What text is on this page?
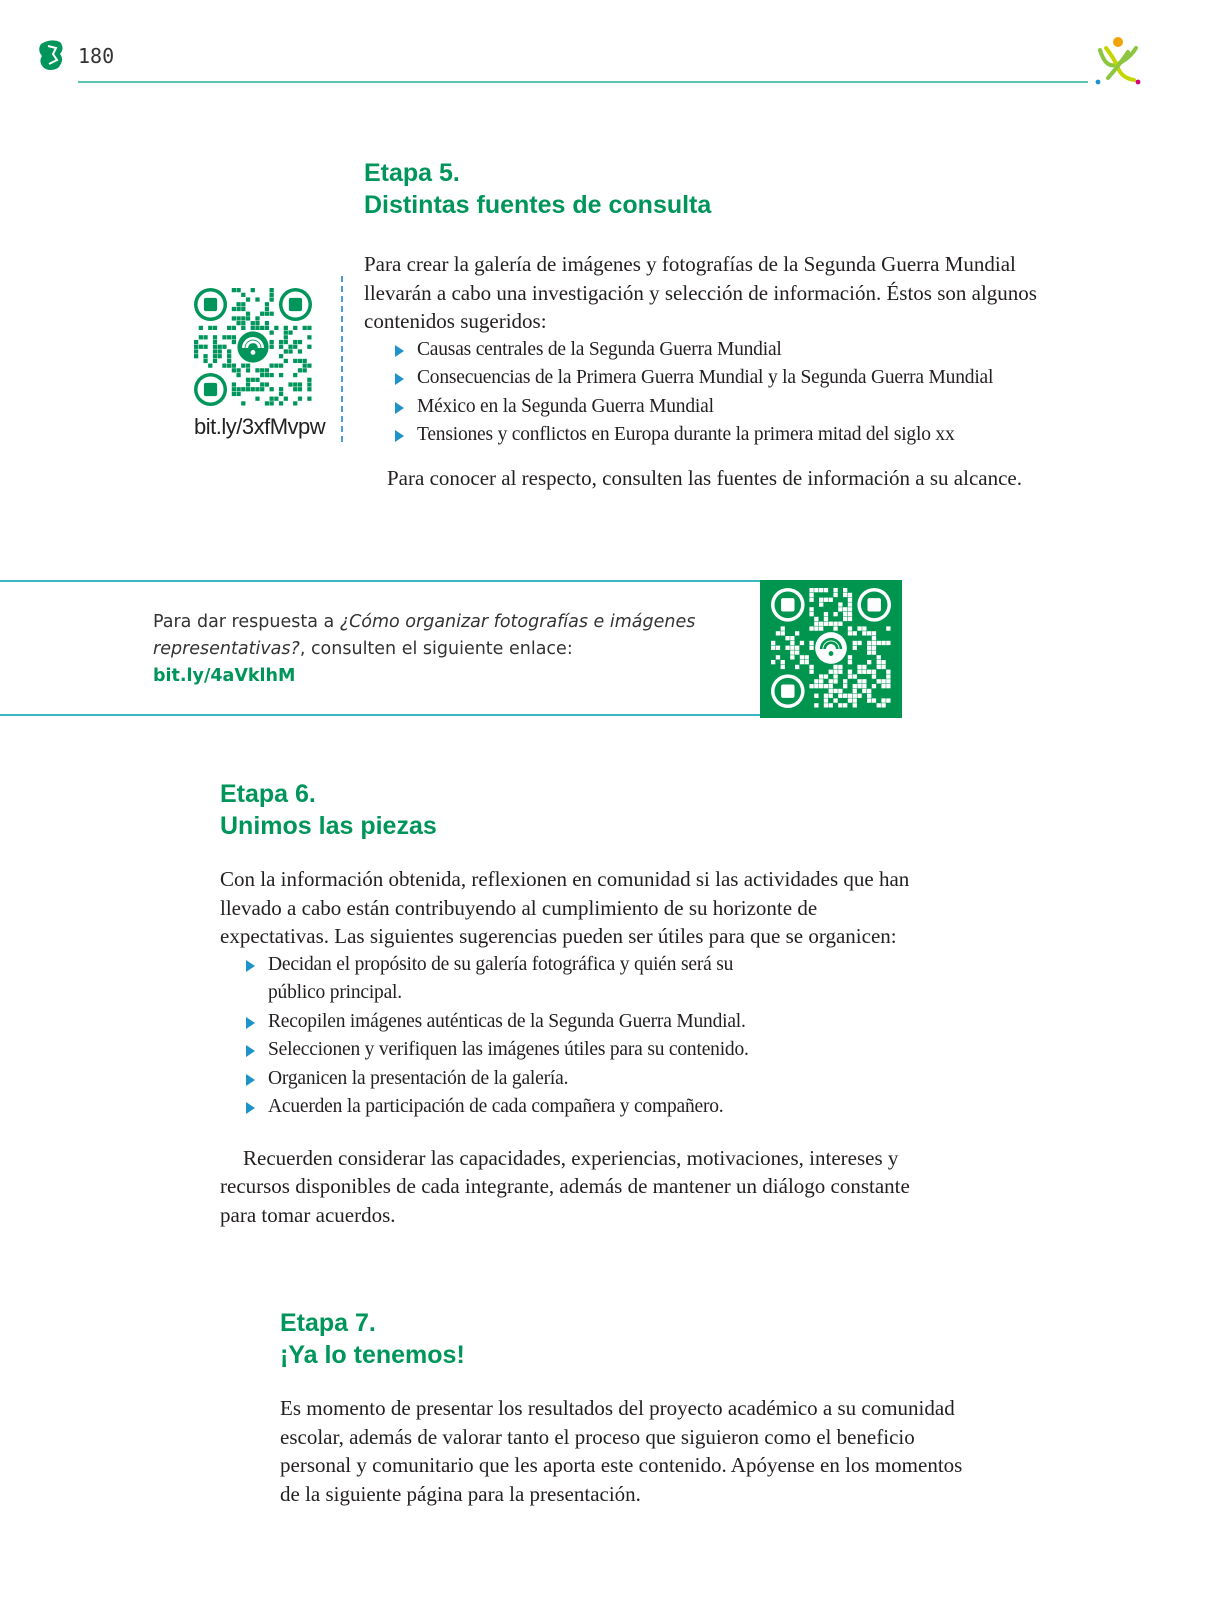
180
bit.ly/3xfMvpw
Etapa 5.
Distintas fuentes de consulta

Para crear la galería de imágenes y fotografías de la Segunda Guerra Mundial llevarán a cabo una investigación y selección de información. Éstos son algunos contenidos sugeridos:

Causas centrales de la Segunda Guerra Mundial
Consecuencias de la Primera Guerra Mundial y la Segunda Guerra Mundial
México en la Segunda Guerra Mundial
Tensiones y conflictos en Europa durante la primera mitad del siglo xx

Para conocer al respecto, consulten las fuentes de información a su alcance.

Para dar respuesta a ¿Cómo organizar fotografías e imágenes representativas?, consulten el siguiente enlace:
bit.ly/4aVklhM
Etapa 6.
Unimos las piezas

Con la información obtenida, reflexionen en comunidad si las actividades que han llevado a cabo están contribuyendo al cumplimiento de su horizonte de expectativas. Las siguientes sugerencias pueden ser útiles para que se organicen:

Decidan el propósito de su galería fotográfica y quién será su público principal.
Recopilen imágenes auténticas de la Segunda Guerra Mundial.
Seleccionen y verifiquen las imágenes útiles para su contenido.
Organicen la presentación de la galería.
Acuerden la participación de cada compañera y compañero.

Recuerden considerar las capacidades, experiencias, motivaciones, intereses y recursos disponibles de cada integrante, además de mantener un diálogo constante para tomar acuerdos.

Etapa 7.
¡Ya lo tenemos!

Es momento de presentar los resultados del proyecto académico a su comunidad escolar, además de valorar tanto el proceso que siguieron como el beneficio personal y comunitario que les aporta este contenido. Apóyense en los momentos de la siguiente página para la presentación.
